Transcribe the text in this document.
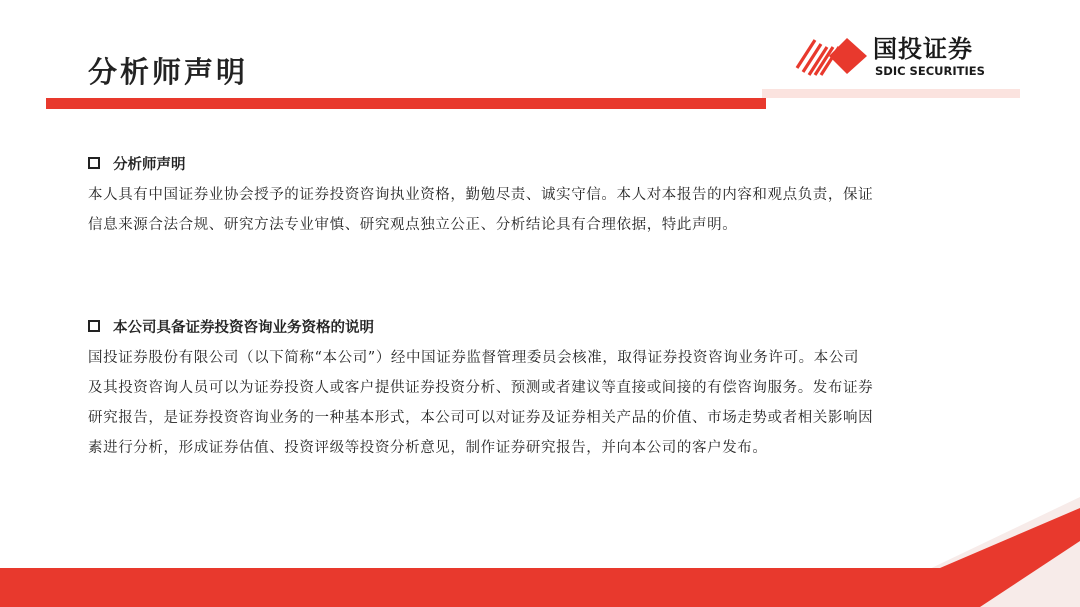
分析师声明
国投证券
SDIC SECURITIES
分析师声明
本人具有中国证券业协会授予的证券投资咨询执业资格，勤勉尽责、诚实守信。本人对本报告的内容和观点负责，保证
信息来源合法合规、研究方法专业审慎、研究观点独立公正、分析结论具有合理依据，特此声明。
本公司具备证券投资咨询业务资格的说明
国投证券股份有限公司（以下简称“本公司”）经中国证券监督管理委员会核准，取得证券投资咨询业务许可。本公司
及其投资咨询人员可以为证券投资人或客户提供证券投资分析、预测或者建议等直接或间接的有偿咨询服务。发布证券
研究报告，是证券投资咨询业务的一种基本形式，本公司可以对证券及证券相关产品的价值、市场走势或者相关影响因
素进行分析，形成证券估值、投资评级等投资分析意见，制作证券研究报告，并向本公司的客户发布。
